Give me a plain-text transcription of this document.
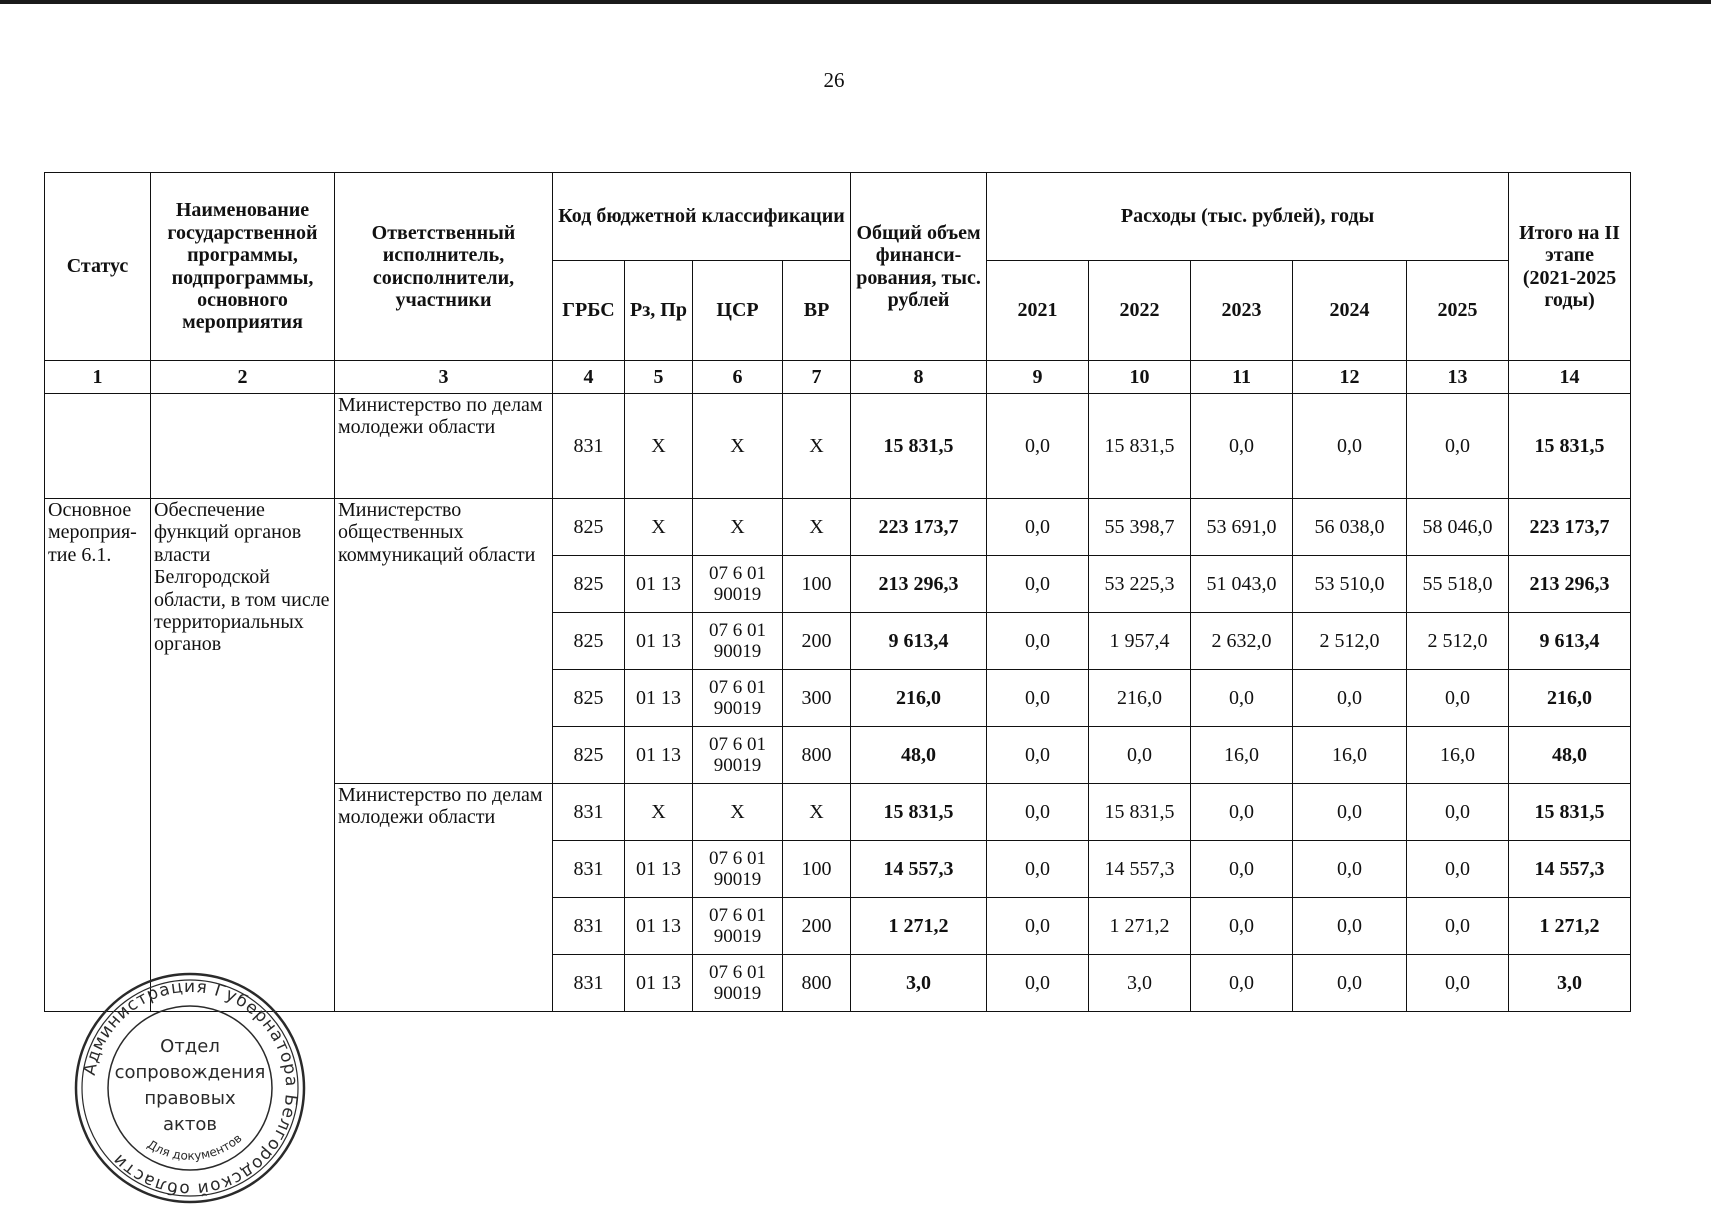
26
Статус	Наименование государственной программы, подпрограммы, основного мероприятия	Ответственный исполнитель, соисполнители, участники	Код бюджетной классификации				Общий объем финанси-рования, тыс. рублей	Расходы (тыс. рублей), годы					Итого на II этапе
(2021-2025 годы)
			ГРБС	Рз, Пр	ЦСР	ВР		2021	2022	2023	2024	2025	
1	2	3	4	5	6	7	8	9	10	11	12	13	14
		Министерство по делам молодежи области	831	X	X	X	15 831,5	0,0	15 831,5	0,0	0,0	0,0	15 831,5
Основное мероприя-тие 6.1.	Обеспечение функций органов власти Белгородской области, в том числе территориальных органов	Министерство общественных коммуникаций области	825	X	X	X	223 173,7	0,0	55 398,7	53 691,0	56 038,0	58 046,0	223 173,7
			825	01 13	07 6 01 90019	100	213 296,3	0,0	53 225,3	51 043,0	53 510,0	55 518,0	213 296,3
			825	01 13	07 6 01 90019	200	9 613,4	0,0	1 957,4	2 632,0	2 512,0	2 512,0	9 613,4
			825	01 13	07 6 01 90019	300	216,0	0,0	216,0	0,0	0,0	0,0	216,0
			825	01 13	07 6 01 90019	800	48,0	0,0	0,0	16,0	16,0	16,0	48,0
		Министерство по делам молодежи области	831	X	X	X	15 831,5	0,0	15 831,5	0,0	0,0	0,0	15 831,5
			831	01 13	07 6 01 90019	100	14 557,3	0,0	14 557,3	0,0	0,0	0,0	14 557,3
			831	01 13	07 6 01 90019	200	1 271,2	0,0	1 271,2	0,0	0,0	0,0	1 271,2
			831	01 13	07 6 01 90019	800	3,0	0,0	3,0	0,0	0,0	0,0	3,0
Администрация Губернатора Белгородской области
Отдел
сопровождения
правовых
актов
Для документов
